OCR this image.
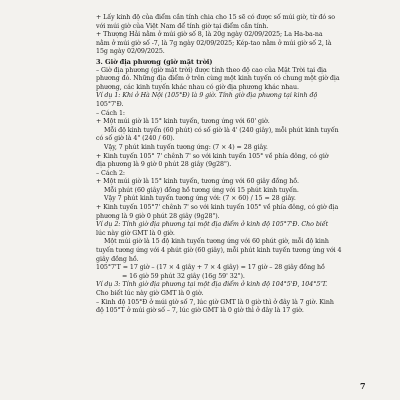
+ Lấy kinh độ của điểm cần tính chia cho 15 sẽ có được số múi giờ, từ đó so

với múi giờ của Việt Nam để tính giờ tại điểm cần tính.

+ Thượng Hải nằm ở múi giờ số 8, là 20g ngày 02/09/2025; La Ha-ba-na

nằm ở múi giờ số -7, là 7g ngày 02/09/2025; Kép-tao nằm ở múi giờ số 2, là

15g ngày 02/09/2025.

3. Giờ địa phương (giờ mặt trời)

– Giờ địa phương (giờ mặt trời) được tính theo độ cao của Mặt Trời tại địa

phương đó. Những địa điểm ở trên cùng một kinh tuyến có chung một giờ địa

phương, các kinh tuyến khác nhau có giờ địa phương khác nhau.

Ví dụ 1: Khi ở Hà Nội (105°Đ) là 9 giờ. Tính giờ địa phương tại kinh độ

105°7'Đ.

– Cách 1:

+ Một múi giờ là 15° kinh tuyến, tương ứng với 60' giờ.

Mỗi độ kinh tuyến (60 phút) có số giờ là 4' (240 giây), mỗi phút kinh tuyến

có số giờ là 4" (240 / 60).

Vậy, 7 phút kinh tuyến tương ứng: (7 × 4) = 28 giây.

+ Kinh tuyến 105° 7' chênh 7' so với kinh tuyến 105° về phía đông, có giờ

địa phương là 9 giờ 0 phút 28 giây (9g28").

– Cách 2:

+ Một múi giờ là 15° kinh tuyến, tương ứng với 60 giây đồng hồ.

Mỗi phút (60 giây) đồng hồ tương ứng với 15 phút kinh tuyến.

Vậy 7 phút kinh tuyến tương ứng với: (7 × 60) / 15 = 28 giây.

+ Kinh tuyến 105°7' chênh 7' so với kinh tuyến 105° về phía đông, có giờ địa

phương là 9 giờ 0 phút 28 giây (9g28").

Ví dụ 2: Tính giờ địa phương tại một địa điểm ở kinh độ 105°7'Đ. Cho biết

lúc này giờ GMT là 0 giờ.

Một múi giờ là 15 độ kinh tuyến tương ứng với 60 phút giờ, mỗi độ kinh

tuyến tương ứng với 4 phút giờ (60 giây), mỗi phút kinh tuyến tương ứng với 4

giây đồng hồ.

105°7'T = 17 giờ – (17 × 4 giây + 7 × 4 giây) = 17 giờ – 28 giây đồng hồ

= 16 giờ 59 phút 32 giây (16g 59' 32").

Ví dụ 3: Tính giờ địa phương tại một địa điểm ở kinh độ 104°5'Đ, 104°5'T.

Cho biết lúc này giờ GMT là 0 giờ.

– Kinh độ 105°Đ ở múi giờ số 7, lúc giờ GMT là 0 giờ thì ở đây là 7 giờ. Kinh

độ 105°T ở múi giờ số – 7, lúc giờ GMT là 0 giờ thì ở đây là 17 giờ.

7
